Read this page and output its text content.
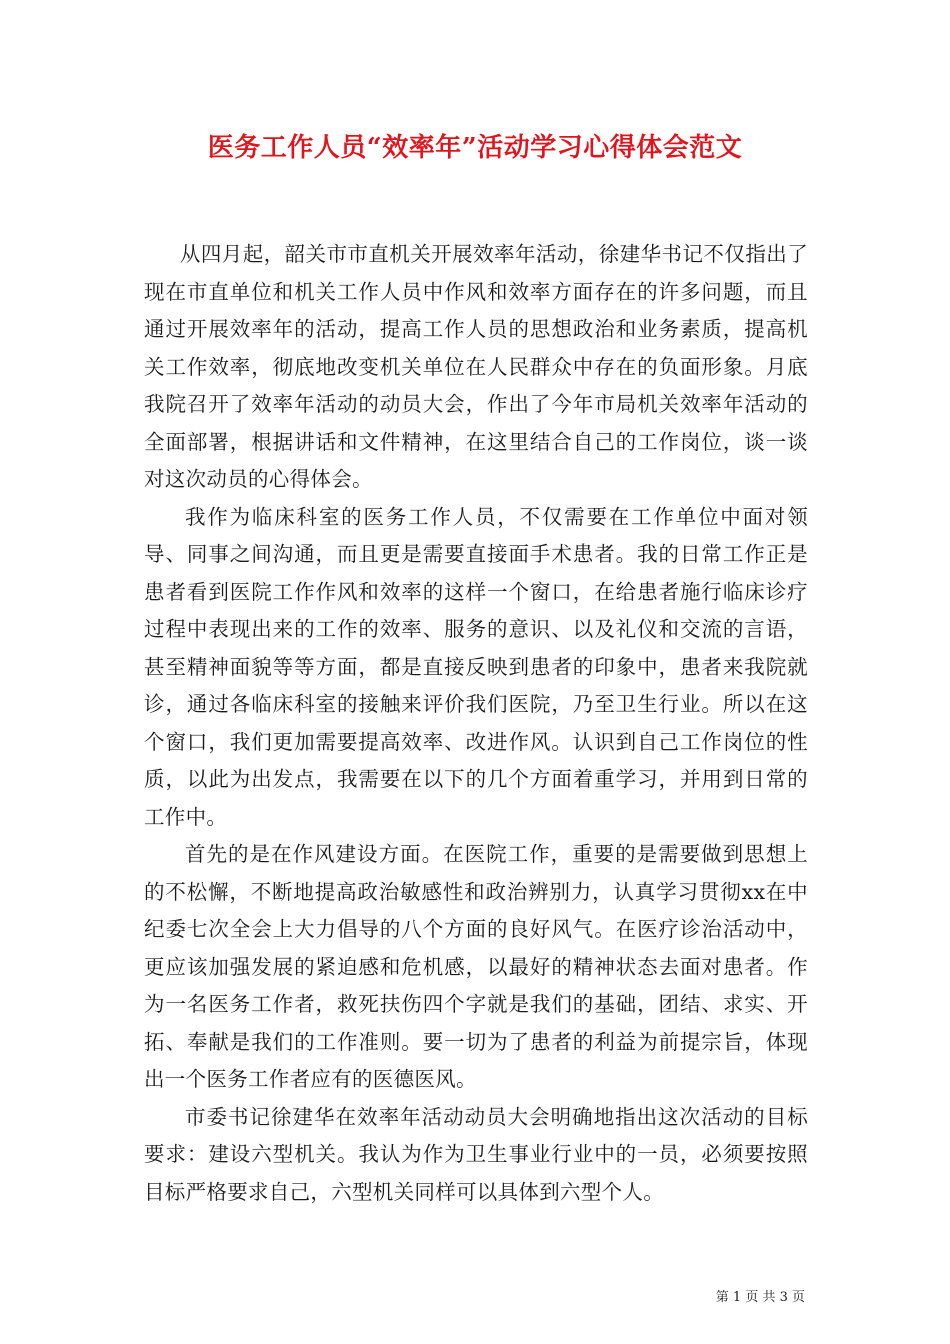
医务工作人员“效率年”活动学习心得体会范文

从四月起，韶关市市直机关开展效率年活动，徐建华书记不仅指出了现在市直单位和机关工作人员中作风和效率方面存在的许多问题，而且通过开展效率年的活动，提高工作人员的思想政治和业务素质，提高机关工作效率，彻底地改变机关单位在人民群众中存在的负面形象。月底我院召开了效率年活动的动员大会，作出了今年市局机关效率年活动的全面部署，根据讲话和文件精神，在这里结合自己的工作岗位，谈一谈对这次动员的心得体会。

我作为临床科室的医务工作人员，不仅需要在工作单位中面对领导、同事之间沟通，而且更是需要直接面手术患者。我的日常工作正是患者看到医院工作作风和效率的这样一个窗口，在给患者施行临床诊疗过程中表现出来的工作的效率、服务的意识、以及礼仪和交流的言语，甚至精神面貌等等方面，都是直接反映到患者的印象中，患者来我院就诊，通过各临床科室的接触来评价我们医院，乃至卫生行业。所以在这个窗口，我们更加需要提高效率、改进作风。认识到自己工作岗位的性质，以此为出发点，我需要在以下的几个方面着重学习，并用到日常的工作中。

首先的是在作风建设方面。在医院工作，重要的是需要做到思想上的不松懈，不断地提高政治敏感性和政治辨别力，认真学习贯彻xx在中纪委七次全会上大力倡导的八个方面的良好风气。在医疗诊治活动中，更应该加强发展的紧迫感和危机感，以最好的精神状态去面对患者。作为一名医务工作者，救死扶伤四个字就是我们的基础，团结、求实、开拓、奉献是我们的工作准则。要一切为了患者的利益为前提宗旨，体现出一个医务工作者应有的医德医风。

市委书记徐建华在效率年活动动员大会明确地指出这次活动的目标要求：建设六型机关。我认为作为卫生事业行业中的一员，必须要按照目标严格要求自己，六型机关同样可以具体到六型个人。

第 1 页 共 3 页
